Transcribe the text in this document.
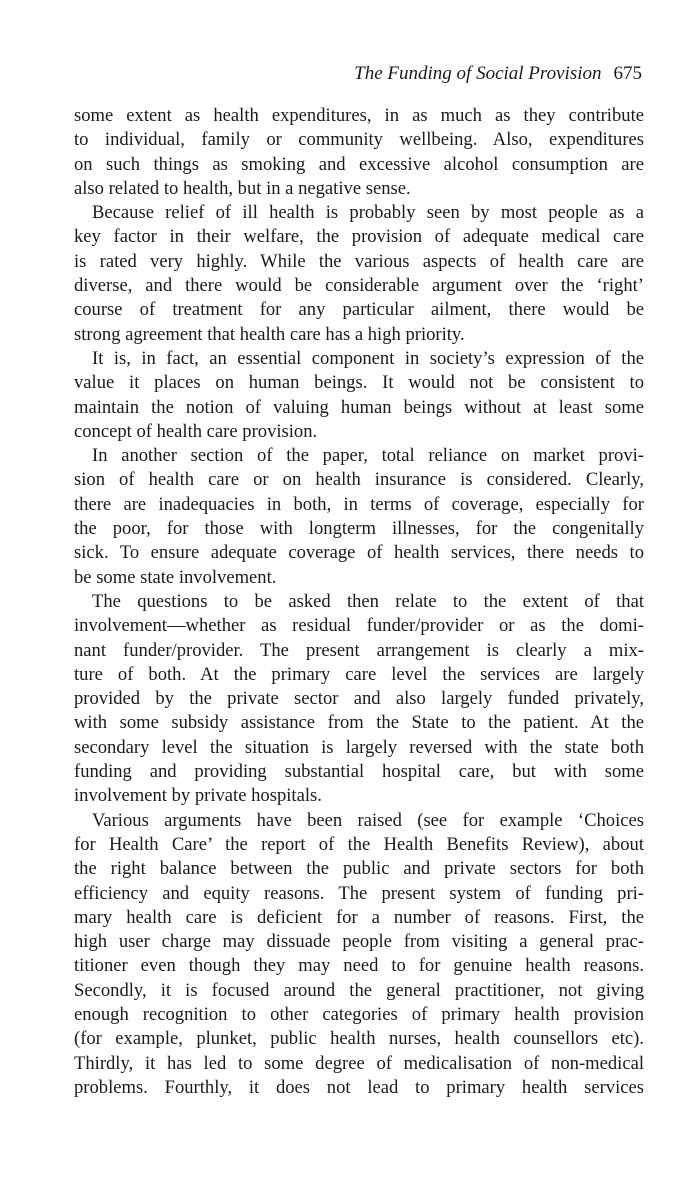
The Funding of Social Provision 675
some extent as health expenditures, in as much as they contribute
to individual, family or community wellbeing. Also, expenditures
on such things as smoking and excessive alcohol consumption are
also related to health, but in a negative sense.
Because relief of ill health is probably seen by most people as a
key factor in their welfare, the provision of adequate medical care
is rated very highly. While the various aspects of health care are
diverse, and there would be considerable argument over the ‘right’
course of treatment for any particular ailment, there would be
strong agreement that health care has a high priority.
It is, in fact, an essential component in society’s expression of the
value it places on human beings. It would not be consistent to
maintain the notion of valuing human beings without at least some
concept of health care provision.
In another section of the paper, total reliance on market provi-
sion of health care or on health insurance is considered. Clearly,
there are inadequacies in both, in terms of coverage, especially for
the poor, for those with longterm illnesses, for the congenitally
sick. To ensure adequate coverage of health services, there needs to
be some state involvement.
The questions to be asked then relate to the extent of that
involvement—whether as residual funder/provider or as the domi-
nant funder/provider. The present arrangement is clearly a mix-
ture of both. At the primary care level the services are largely
provided by the private sector and also largely funded privately,
with some subsidy assistance from the State to the patient. At the
secondary level the situation is largely reversed with the state both
funding and providing substantial hospital care, but with some
involvement by private hospitals.
Various arguments have been raised (see for example ‘Choices
for Health Care’ the report of the Health Benefits Review), about
the right balance between the public and private sectors for both
efficiency and equity reasons. The present system of funding pri-
mary health care is deficient for a number of reasons. First, the
high user charge may dissuade people from visiting a general prac-
titioner even though they may need to for genuine health reasons.
Secondly, it is focused around the general practitioner, not giving
enough recognition to other categories of primary health provision
(for example, plunket, public health nurses, health counsellors etc).
Thirdly, it has led to some degree of medicalisation of non-medical
problems. Fourthly, it does not lead to primary health services
